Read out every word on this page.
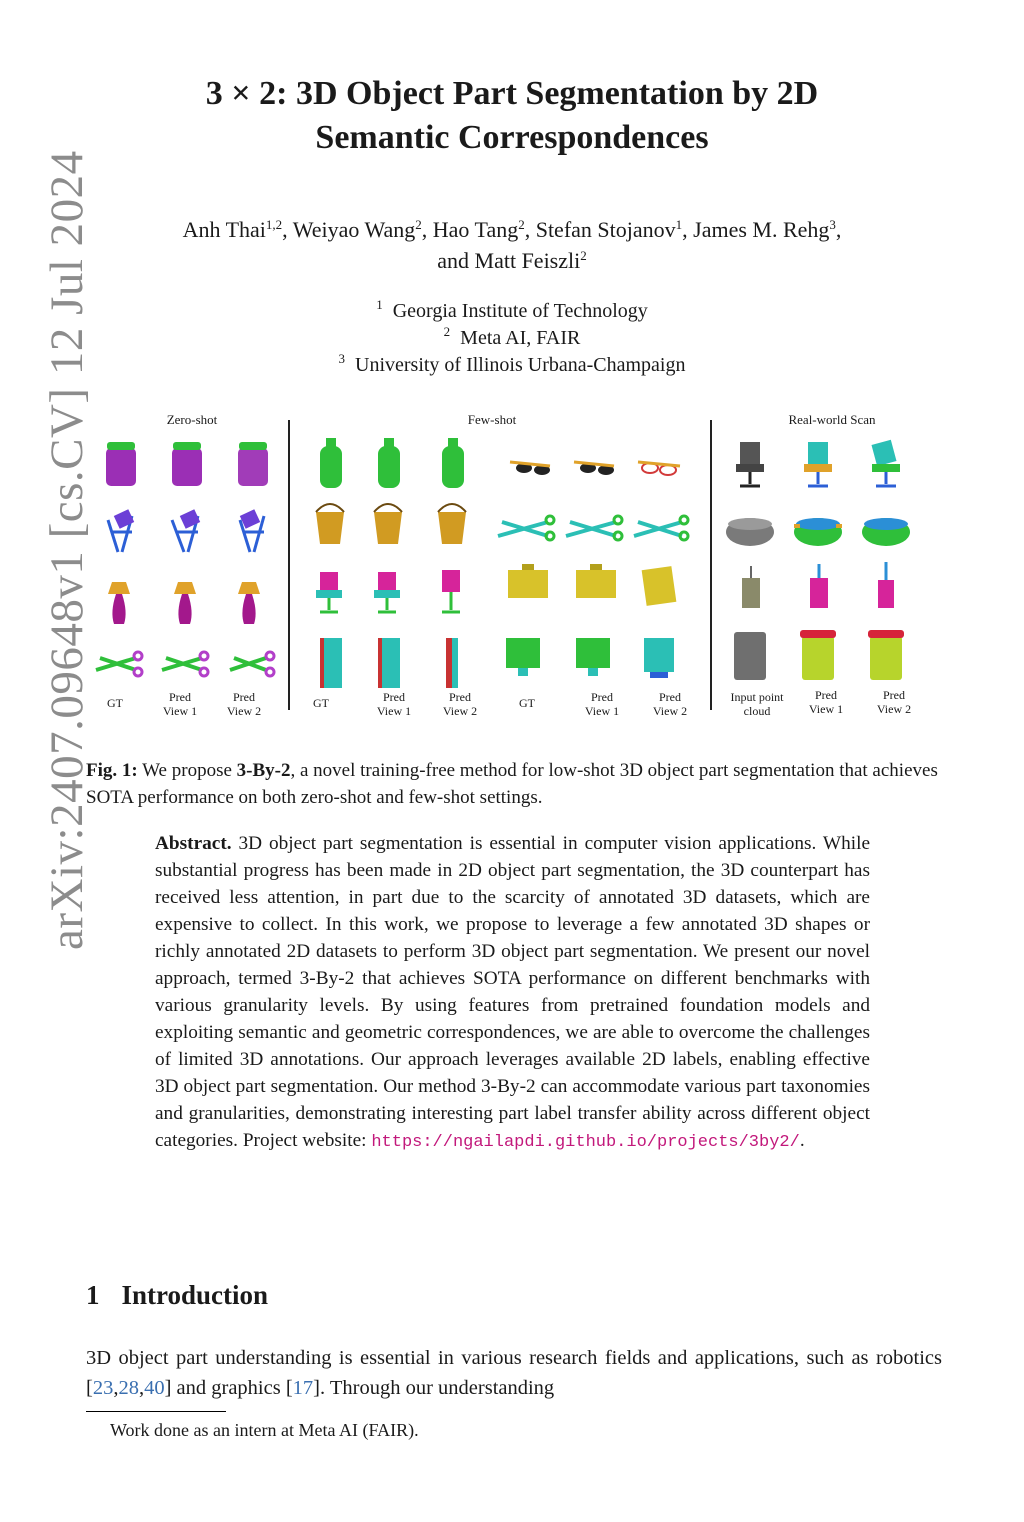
arXiv:2407.09648v1 [cs.CV] 12 Jul 2024
3 × 2: 3D Object Part Segmentation by 2D
Semantic Correspondences
Anh Thai$^{1,2}$, Weiyao Wang$^2$, Hao Tang$^2$, Stefan Stojanov$^1$, James M. Rehg$^3$,
and Matt Feiszli$^2$
$^1$ Georgia Institute of Technology
$^2$ Meta AI, FAIR
$^3$ University of Illinois Urbana-Champaign
Zero-shot	Few-shot	Real-world Scan
GT	Pred
View 1
Pred
View 2
GT	Pred
View 1
Pred
View 2
GT	Pred
View 1
Pred
View 2
Input point
cloud
Pred
View 1
Pred
View 2
Fig. 1: We propose 3-By-2, a novel training-free method for low-shot 3D object part segmentation that achieves SOTA performance on both zero-shot and few-shot settings.
Abstract. 3D object part segmentation is essential in computer vision applications. While substantial progress has been made in 2D object part segmentation, the 3D counterpart has received less attention, in part due to the scarcity of annotated 3D datasets, which are expensive to collect. In this work, we propose to leverage a few annotated 3D shapes or richly annotated 2D datasets to perform 3D object part segmentation. We present our novel approach, termed 3-By-2 that achieves SOTA performance on different benchmarks with various granularity levels. By using features from pretrained foundation models and exploiting semantic and geometric correspondences, we are able to overcome the challenges of limited 3D annotations. Our approach leverages available 2D labels, enabling effective 3D object part segmentation. Our method 3-By-2 can accommodate various part taxonomies and granularities, demonstrating interesting part label transfer ability across different object categories. Project website: https://ngailapdi.github.io/projects/3by2/.
1 Introduction
3D object part understanding is essential in various research fields and applications, such as robotics [23,28,40] and graphics [17]. Through our understanding
Work done as an intern at Meta AI (FAIR).
